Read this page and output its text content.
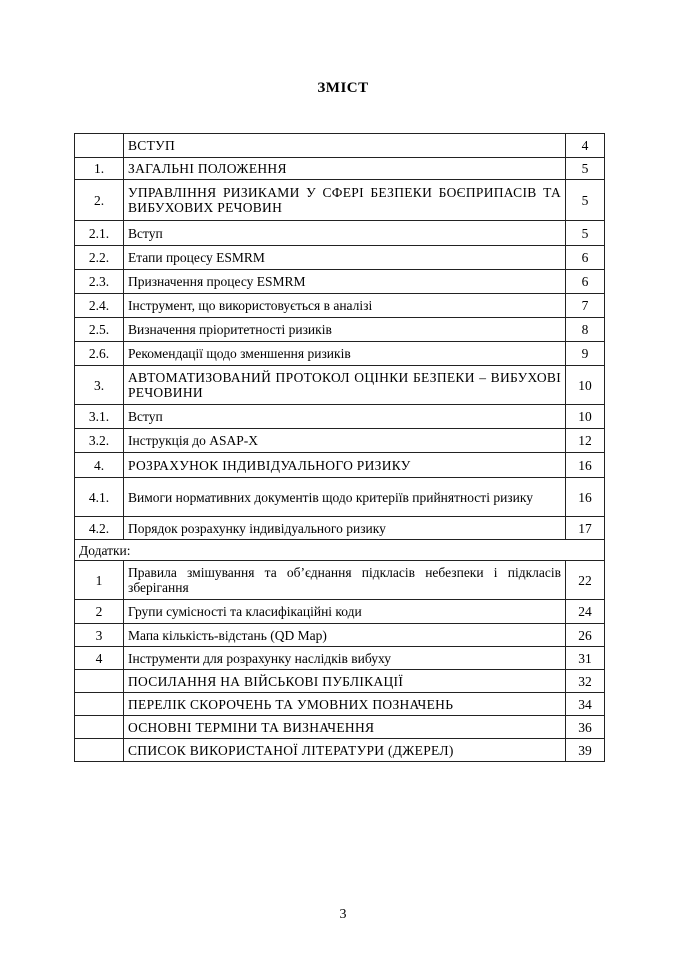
ЗМІСТ
	ВСТУП	4
1.	ЗАГАЛЬНІ ПОЛОЖЕННЯ	5
2.	УПРАВЛІННЯ РИЗИКАМИ У СФЕРІ БЕЗПЕКИ БОЄПРИПАСІВ ТА ВИБУХОВИХ РЕЧОВИН	5
2.1.	Вступ	5
2.2.	Етапи процесу ESMRM	6
2.3.	Призначення процесу ESMRM	6
2.4.	Інструмент, що використовується в аналізі	7
2.5.	Визначення пріоритетності ризиків	8
2.6.	Рекомендації щодо зменшення ризиків	9
3.	АВТОМАТИЗОВАНИЙ ПРОТОКОЛ ОЦІНКИ БЕЗПЕКИ – ВИБУХОВІ РЕЧОВИНИ	10
3.1.	Вступ	10
3.2.	Інструкція до ASAP-X	12
4.	РОЗРАХУНОК ІНДИВІДУАЛЬНОГО РИЗИКУ	16
4.1.	Вимоги нормативних документів щодо критеріїв прийнятності ризику	16
4.2.	Порядок розрахунку індивідуального ризику	17
Додатки:		
1	Правила змішування та об’єднання підкласів небезпеки і підкласів зберігання	22
2	Групи сумісності та класифікаційні коди	24
3	Мапа кількість-відстань (QD Map)	26
4	Інструменти для розрахунку наслідків вибуху	31
	ПОСИЛАННЯ НА ВІЙСЬКОВІ ПУБЛІКАЦІЇ	32
	ПЕРЕЛІК СКОРОЧЕНЬ ТА УМОВНИХ ПОЗНАЧЕНЬ	34
	ОСНОВНІ ТЕРМІНИ ТА ВИЗНАЧЕННЯ	36
	СПИСОК ВИКОРИСТАНОЇ ЛІТЕРАТУРИ (ДЖЕРЕЛ)	39
3
